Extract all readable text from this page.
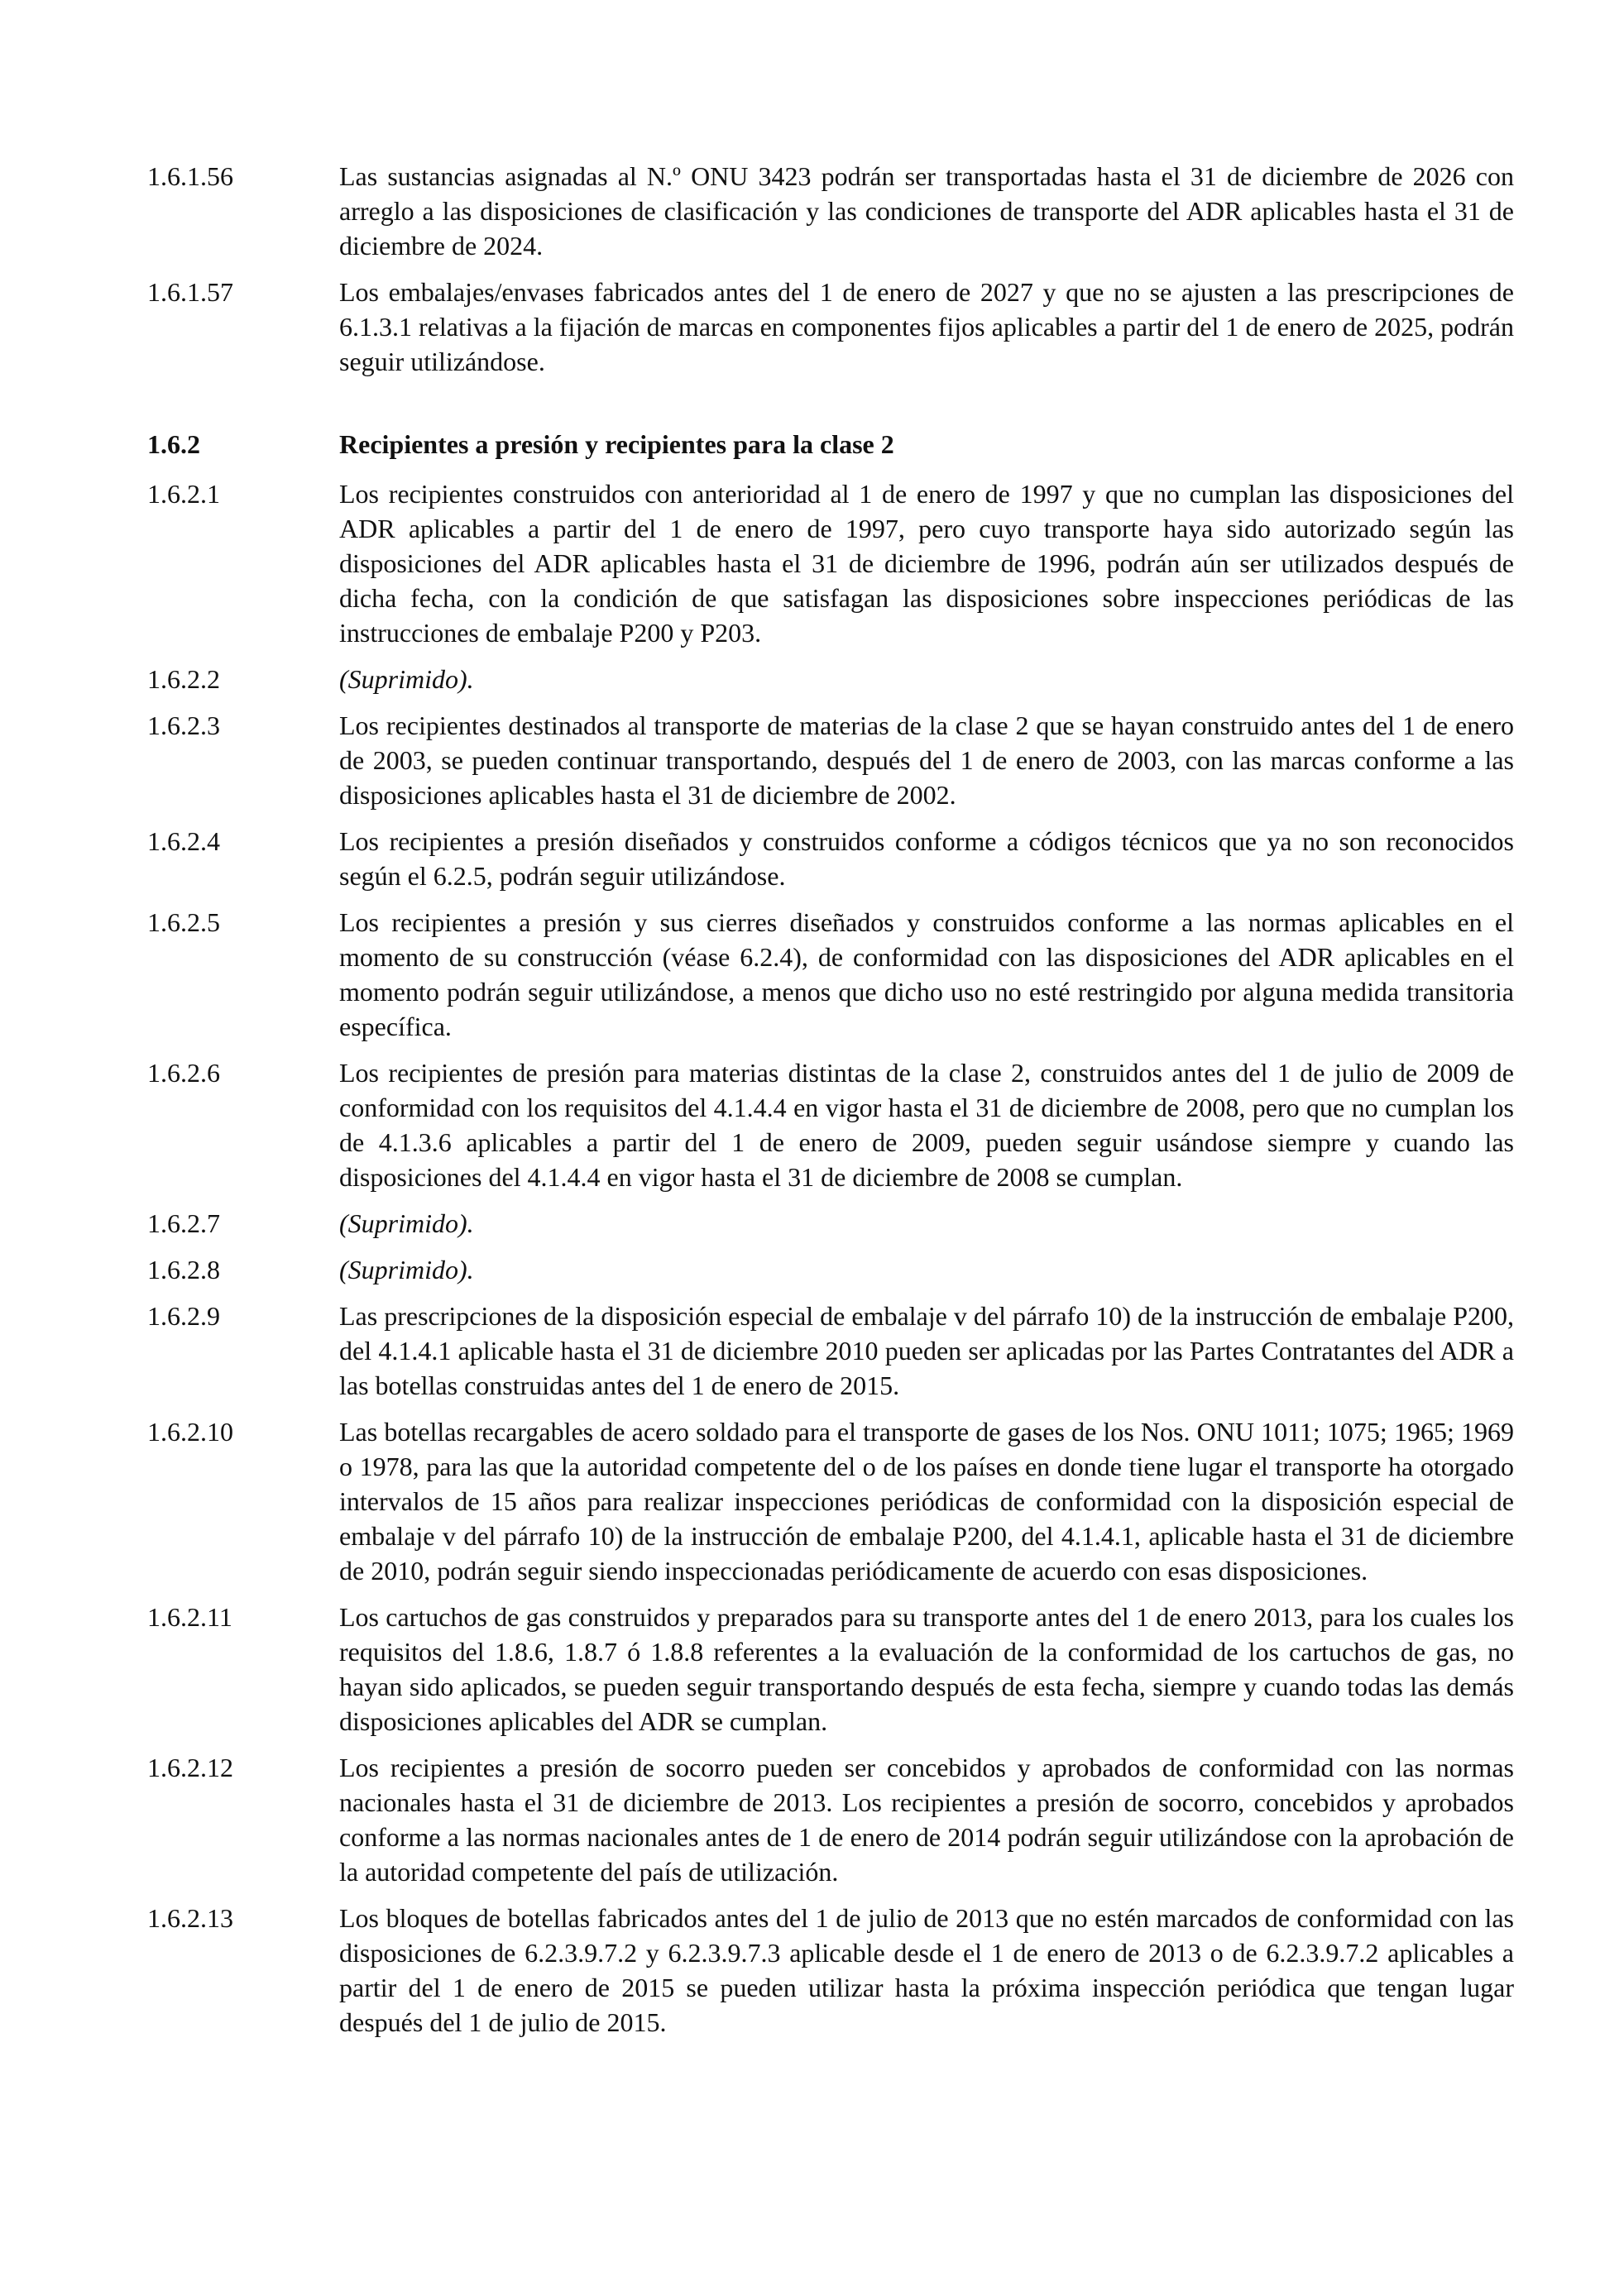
1.6.1.56	Las sustancias asignadas al N.º ONU 3423 podrán ser transportadas hasta el 31 de diciembre de 2026 con arreglo a las disposiciones de clasificación y las condiciones de transporte del ADR aplicables hasta el 31 de diciembre de 2024.
1.6.1.57	Los embalajes/envases fabricados antes del 1 de enero de 2027 y que no se ajusten a las prescripciones de 6.1.3.1 relativas a la fijación de marcas en componentes fijos aplicables a partir del 1 de enero de 2025, podrán seguir utilizándose.
1.6.2	Recipientes a presión y recipientes para la clase 2
1.6.2.1	Los recipientes construidos con anterioridad al 1 de enero de 1997 y que no cumplan las disposiciones del ADR aplicables a partir del 1 de enero de 1997, pero cuyo transporte haya sido autorizado según las disposiciones del ADR aplicables hasta el 31 de diciembre de 1996, podrán aún ser utilizados después de dicha fecha, con la condición de que satisfagan las disposiciones sobre inspecciones periódicas de las instrucciones de embalaje P200 y P203.
1.6.2.2	(Suprimido).
1.6.2.3	Los recipientes destinados al transporte de materias de la clase 2 que se hayan construido antes del 1 de enero de 2003, se pueden continuar transportando, después del 1 de enero de 2003, con las marcas conforme a las disposiciones aplicables hasta el 31 de diciembre de 2002.
1.6.2.4	Los recipientes a presión diseñados y construidos conforme a códigos técnicos que ya no son reconocidos según el 6.2.5, podrán seguir utilizándose.
1.6.2.5	Los recipientes a presión y sus cierres diseñados y construidos conforme a las normas aplicables en el momento de su construcción (véase 6.2.4), de conformidad con las disposiciones del ADR aplicables en el momento podrán seguir utilizándose, a menos que dicho uso no esté restringido por alguna medida transitoria específica.
1.6.2.6	Los recipientes de presión para materias distintas de la clase 2, construidos antes del 1 de julio de 2009 de conformidad con los requisitos del 4.1.4.4 en vigor hasta el 31 de diciembre de 2008, pero que no cumplan los de 4.1.3.6 aplicables a partir del 1 de enero de 2009, pueden seguir usándose siempre y cuando las disposiciones del 4.1.4.4 en vigor hasta el 31 de diciembre de 2008 se cumplan.
1.6.2.7	(Suprimido).
1.6.2.8	(Suprimido).
1.6.2.9	Las prescripciones de la disposición especial de embalaje v del párrafo 10) de la instrucción de embalaje P200, del 4.1.4.1 aplicable hasta el 31 de diciembre 2010 pueden ser aplicadas por las Partes Contratantes del ADR a las botellas construidas antes del 1 de enero de 2015.
1.6.2.10	Las botellas recargables de acero soldado para el transporte de gases de los Nos. ONU 1011; 1075; 1965; 1969 o 1978, para las que la autoridad competente del o de los países en donde tiene lugar el transporte ha otorgado intervalos de 15 años para realizar inspecciones periódicas de conformidad con la disposición especial de embalaje v del párrafo 10) de la instrucción de embalaje P200, del 4.1.4.1, aplicable hasta el 31 de diciembre de 2010, podrán seguir siendo inspeccionadas periódicamente de acuerdo con esas disposiciones.
1.6.2.11	Los cartuchos de gas construidos y preparados para su transporte antes del 1 de enero 2013, para los cuales los requisitos del 1.8.6, 1.8.7 ó 1.8.8 referentes a la evaluación de la conformidad de los cartuchos de gas, no hayan sido aplicados, se pueden seguir transportando después de esta fecha, siempre y cuando todas las demás disposiciones aplicables del ADR se cumplan.
1.6.2.12	Los recipientes a presión de socorro pueden ser concebidos y aprobados de conformidad con las normas nacionales hasta el 31 de diciembre de 2013. Los recipientes a presión de socorro, concebidos y aprobados conforme a las normas nacionales antes de 1 de enero de 2014 podrán seguir utilizándose con la aprobación de la autoridad competente del país de utilización.
1.6.2.13	Los bloques de botellas fabricados antes del 1 de julio de 2013 que no estén marcados de conformidad con las disposiciones de 6.2.3.9.7.2 y 6.2.3.9.7.3 aplicable desde el 1 de enero de 2013 o de 6.2.3.9.7.2 aplicables a partir del 1 de enero de 2015 se pueden utilizar hasta la próxima inspección periódica que tengan lugar después del 1 de julio de 2015.
